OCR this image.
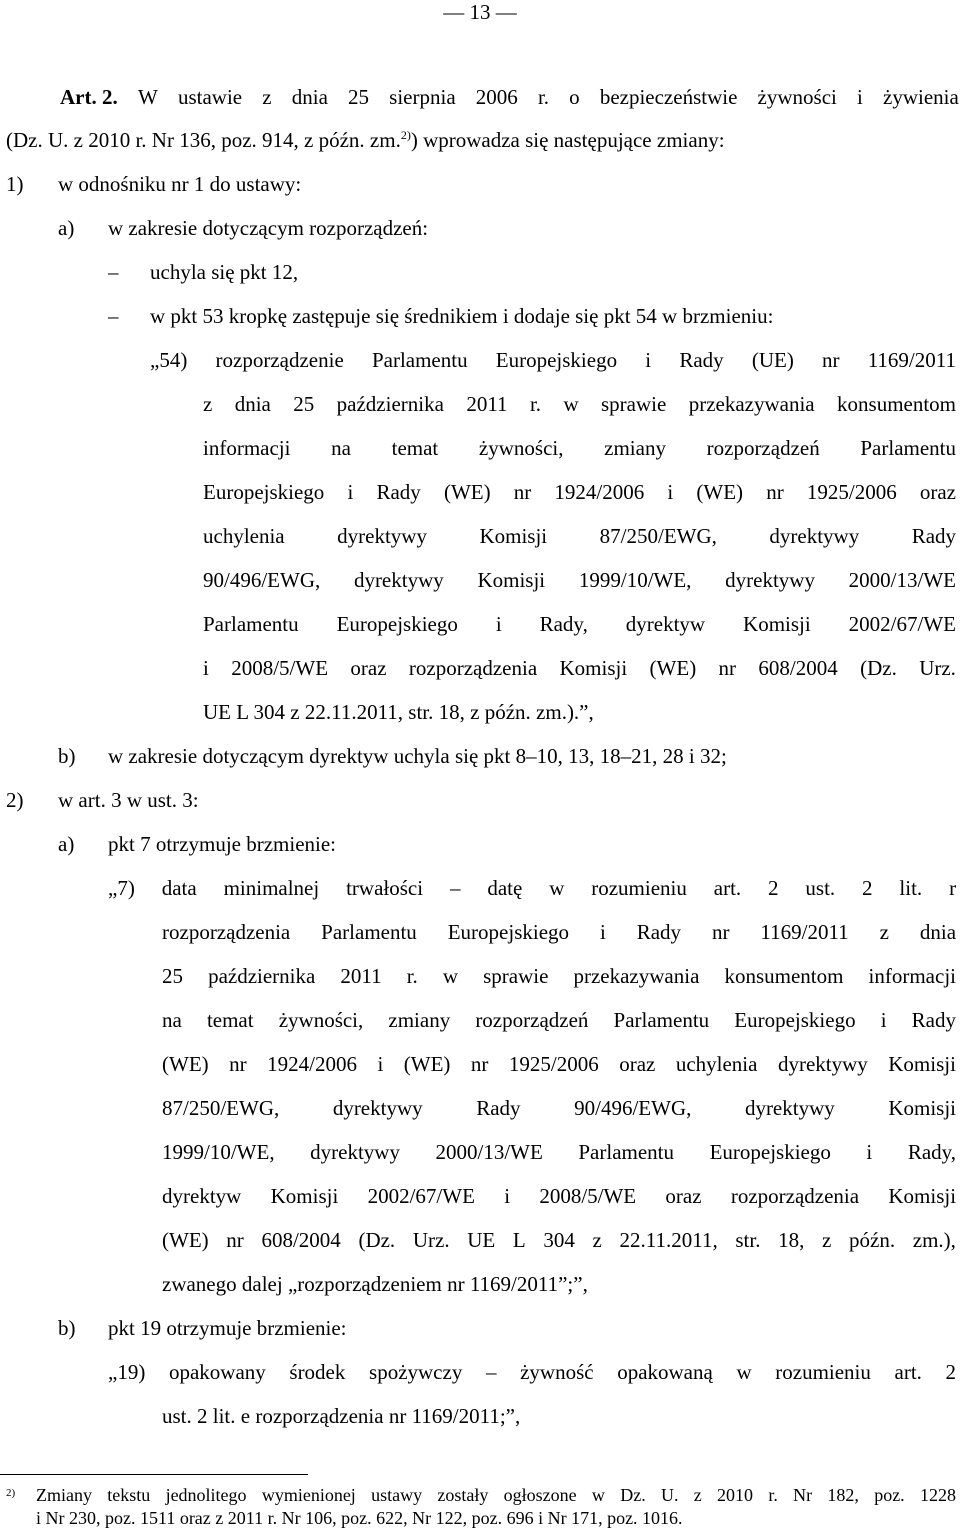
— 13 —
Art. 2. W ustawie z dnia 25 sierpnia 2006 r. o bezpieczeństwie żywności i żywienia
(Dz. U. z 2010 r. Nr 136, poz. 914, z późn. zm.$^{2)}$) wprowadza się następujące zmiany:
1) w odnośniku nr 1 do ustawy:
a) w zakresie dotyczącym rozporządzeń:
– uchyla się pkt 12,
– w pkt 53 kropkę zastępuje się średnikiem i dodaje się pkt 54 w brzmieniu:
„54) rozporządzenie Parlamentu Europejskiego i Rady (UE) nr 1169/2011
z dnia 25 października 2011 r. w sprawie przekazywania konsumentom
informacji na temat żywności, zmiany rozporządzeń Parlamentu
Europejskiego i Rady (WE) nr 1924/2006 i (WE) nr 1925/2006 oraz
uchylenia	dyrektywy	Komisji	87/250/EWG,	dyrektywy	Rady
90/496/EWG, dyrektywy Komisji 1999/10/WE, dyrektywy 2000/13/WE
Parlamentu Europejskiego i Rady, dyrektyw Komisji 2002/67/WE
i 2008/5/WE oraz rozporządzenia Komisji (WE) nr 608/2004 (Dz. Urz.
UE L 304 z 22.11.2011, str. 18, z późn. zm.).”,
b) w zakresie dotyczącym dyrektyw uchyla się pkt 8–10, 13, 18–21, 28 i 32;
2) w art. 3 w ust. 3:
a) pkt 7 otrzymuje brzmienie:
„7) data minimalnej trwałości – datę w rozumieniu art. 2 ust. 2 lit. r
rozporządzenia Parlamentu Europejskiego i Rady nr 1169/2011 z dnia
25 października 2011 r. w sprawie przekazywania konsumentom informacji
na temat żywności, zmiany rozporządzeń Parlamentu Europejskiego i Rady
(WE) nr 1924/2006 i (WE) nr 1925/2006 oraz uchylenia dyrektywy Komisji
87/250/EWG,	dyrektywy	Rady	90/496/EWG,	dyrektywy	Komisji
1999/10/WE, dyrektywy 2000/13/WE Parlamentu Europejskiego i Rady,
dyrektyw Komisji 2002/67/WE i 2008/5/WE oraz rozporządzenia Komisji
(WE) nr 608/2004 (Dz. Urz. UE L 304 z 22.11.2011, str. 18, z późn. zm.),
zwanego dalej „rozporządzeniem nr 1169/2011”;”,
b) pkt 19 otrzymuje brzmienie:
„19) opakowany środek spożywczy – żywność opakowaną w rozumieniu art. 2
ust. 2 lit. e rozporządzenia nr 1169/2011;”,
2) Zmiany tekstu jednolitego wymienionej ustawy zostały ogłoszone w Dz. U. z 2010 r. Nr 182, poz. 1228
i Nr 230, poz. 1511 oraz z 2011 r. Nr 106, poz. 622, Nr 122, poz. 696 i Nr 171, poz. 1016.
